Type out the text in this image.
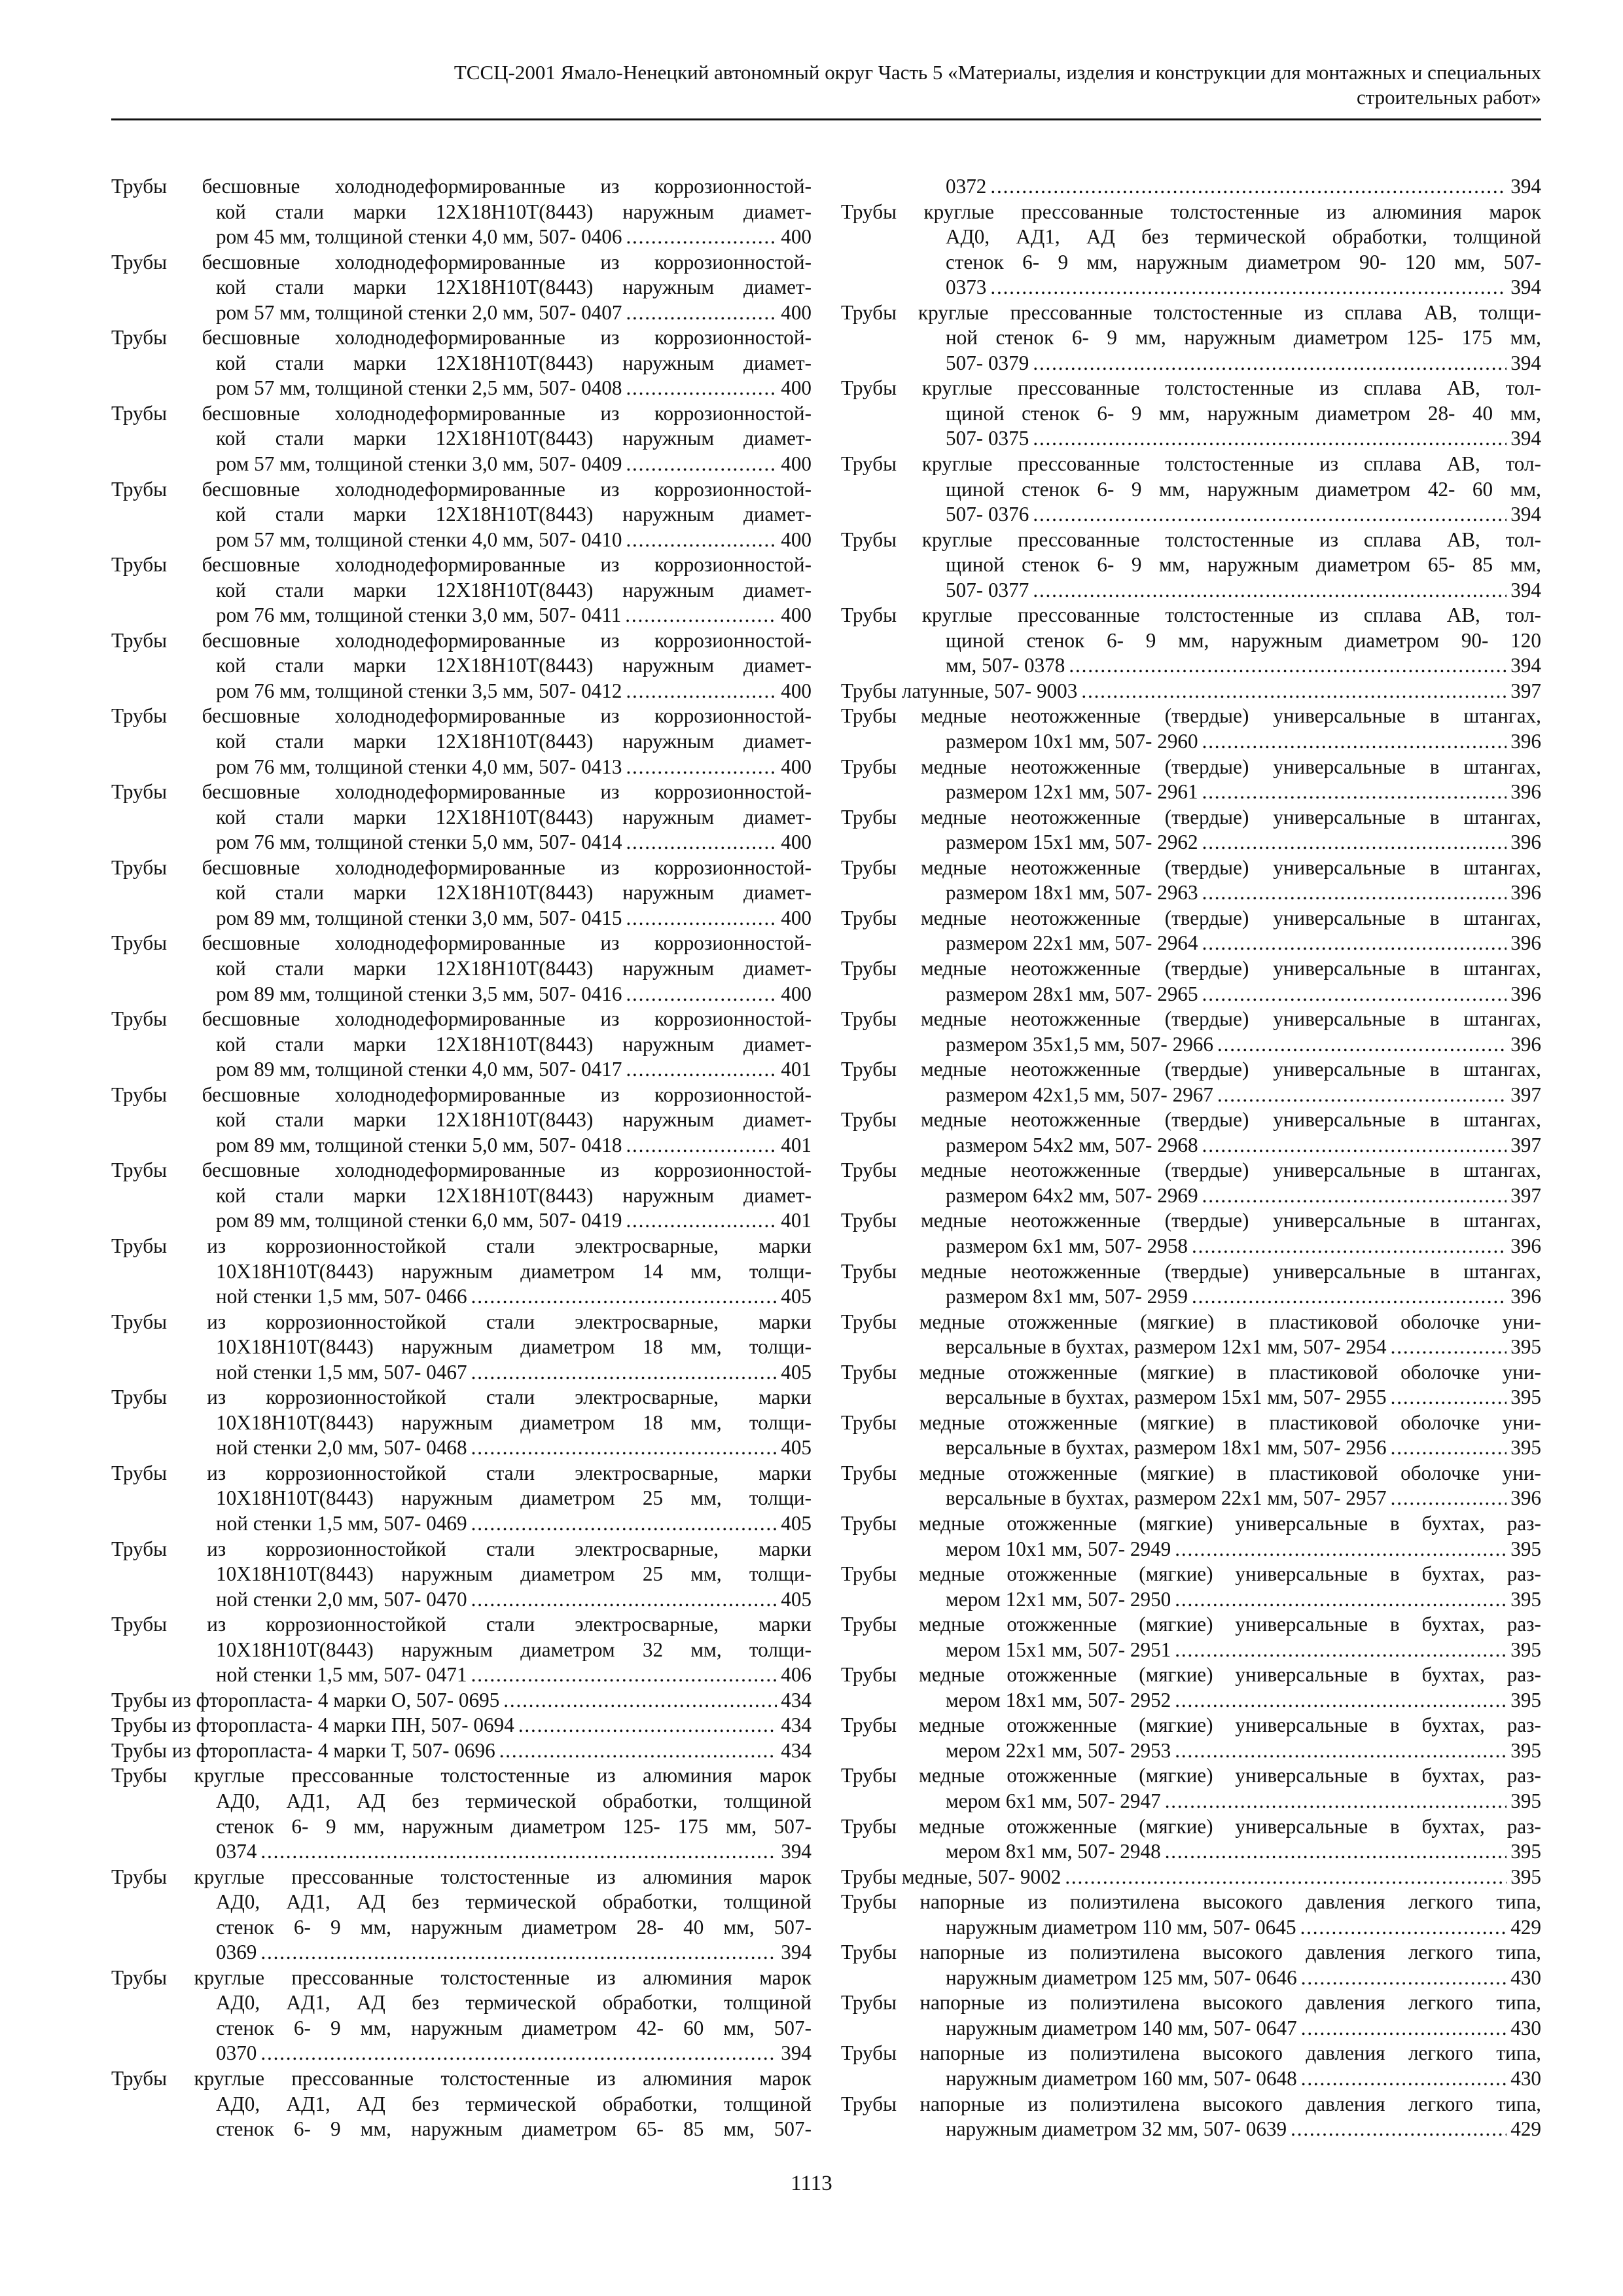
ТССЦ-2001 Ямало-Ненецкий автономный округ Часть 5 «Материалы, изделия и конструкции для монтажных и специальных
строительных работ»
Трубы бесшовные холоднодеформированные из коррозионностой-
кой стали марки 12Х18Н10Т(8443) наружным диамет-
ром 45 мм, толщиной стенки 4,0 мм, 507- 0406 . . .	400
Трубы бесшовные холоднодеформированные из коррозионностой-
кой стали марки 12Х18Н10Т(8443) наружным диамет-
ром 57 мм, толщиной стенки 2,0 мм, 507- 0407 . . .	400
Трубы бесшовные холоднодеформированные из коррозионностой-
кой стали марки 12Х18Н10Т(8443) наружным диамет-
ром 57 мм, толщиной стенки 2,5 мм, 507- 0408 . . .	400
Трубы бесшовные холоднодеформированные из коррозионностой-
кой стали марки 12Х18Н10Т(8443) наружным диамет-
ром 57 мм, толщиной стенки 3,0 мм, 507- 0409 . . .	400
Трубы бесшовные холоднодеформированные из коррозионностой-
кой стали марки 12Х18Н10Т(8443) наружным диамет-
ром 57 мм, толщиной стенки 4,0 мм, 507- 0410 . . .	400
Трубы бесшовные холоднодеформированные из коррозионностой-
кой стали марки 12Х18Н10Т(8443) наружным диамет-
ром 76 мм, толщиной стенки 3,0 мм, 507- 0411 . . .	400
Трубы бесшовные холоднодеформированные из коррозионностой-
кой стали марки 12Х18Н10Т(8443) наружным диамет-
ром 76 мм, толщиной стенки 3,5 мм, 507- 0412 . . .	400
Трубы бесшовные холоднодеформированные из коррозионностой-
кой стали марки 12Х18Н10Т(8443) наружным диамет-
ром 76 мм, толщиной стенки 4,0 мм, 507- 0413 . . .	400
Трубы бесшовные холоднодеформированные из коррозионностой-
кой стали марки 12Х18Н10Т(8443) наружным диамет-
ром 76 мм, толщиной стенки 5,0 мм, 507- 0414 . . .	400
Трубы бесшовные холоднодеформированные из коррозионностой-
кой стали марки 12Х18Н10Т(8443) наружным диамет-
ром 89 мм, толщиной стенки 3,0 мм, 507- 0415 . . .	400
Трубы бесшовные холоднодеформированные из коррозионностой-
кой стали марки 12Х18Н10Т(8443) наружным диамет-
ром 89 мм, толщиной стенки 3,5 мм, 507- 0416 . . .	400
Трубы бесшовные холоднодеформированные из коррозионностой-
кой стали марки 12Х18Н10Т(8443) наружным диамет-
ром 89 мм, толщиной стенки 4,0 мм, 507- 0417 . . .	401
Трубы бесшовные холоднодеформированные из коррозионностой-
кой стали марки 12Х18Н10Т(8443) наружным диамет-
ром 89 мм, толщиной стенки 5,0 мм, 507- 0418 . . .	401
Трубы бесшовные холоднодеформированные из коррозионностой-
кой стали марки 12Х18Н10Т(8443) наружным диамет-
ром 89 мм, толщиной стенки 6,0 мм, 507- 0419 . . .	401
Трубы из коррозионностойкой стали электросварные, марки
10Х18Н10Т(8443) наружным диаметром 14 мм, толщи-
ной стенки 1,5 мм, 507- 0466 . . .	405
Трубы из коррозионностойкой стали электросварные, марки
10Х18Н10Т(8443) наружным диаметром 18 мм, толщи-
ной стенки 1,5 мм, 507- 0467 . . .	405
Трубы из коррозионностойкой стали электросварные, марки
10Х18Н10Т(8443) наружным диаметром 18 мм, толщи-
ной стенки 2,0 мм, 507- 0468 . . .	405
Трубы из коррозионностойкой стали электросварные, марки
10Х18Н10Т(8443) наружным диаметром 25 мм, толщи-
ной стенки 1,5 мм, 507- 0469 . . .	405
Трубы из коррозионностойкой стали электросварные, марки
10Х18Н10Т(8443) наружным диаметром 25 мм, толщи-
ной стенки 2,0 мм, 507- 0470 . . .	405
Трубы из коррозионностойкой стали электросварные, марки
10Х18Н10Т(8443) наружным диаметром 32 мм, толщи-
ной стенки 1,5 мм, 507- 0471 . . .	406
Трубы из фторопласта- 4 марки О, 507- 0695 . . .	434
Трубы из фторопласта- 4 марки ПН, 507- 0694 . . .	434
Трубы из фторопласта- 4 марки Т, 507- 0696 . . .	434
Трубы круглые прессованные толстостенные из алюминия марок
АД0, АД1, АД без термической обработки, толщиной
стенок 6- 9 мм, наружным диаметром 125- 175 мм, 507-
0374 . . .	394
Трубы круглые прессованные толстостенные из алюминия марок
АД0, АД1, АД без термической обработки, толщиной
стенок 6- 9 мм, наружным диаметром 28- 40 мм, 507-
0369 . . .	394
Трубы круглые прессованные толстостенные из алюминия марок
АД0, АД1, АД без термической обработки, толщиной
стенок 6- 9 мм, наружным диаметром 42- 60 мм, 507-
0370 . . .	394
Трубы круглые прессованные толстостенные из алюминия марок
АД0, АД1, АД без термической обработки, толщиной
стенок 6- 9 мм, наружным диаметром 65- 85 мм, 507-
0372 . . .	394
Трубы круглые прессованные толстостенные из алюминия марок
АД0, АД1, АД без термической обработки, толщиной
стенок 6- 9 мм, наружным диаметром 90- 120 мм, 507-
0373 . . .	394
Трубы круглые прессованные толстостенные из сплава АВ, толщи-
ной стенок 6- 9 мм, наружным диаметром 125- 175 мм,
507- 0379 . . .	394
Трубы круглые прессованные толстостенные из сплава АВ, тол-
щиной стенок 6- 9 мм, наружным диаметром 28- 40 мм,
507- 0375 . . .	394
Трубы круглые прессованные толстостенные из сплава АВ, тол-
щиной стенок 6- 9 мм, наружным диаметром 42- 60 мм,
507- 0376 . . .	394
Трубы круглые прессованные толстостенные из сплава АВ, тол-
щиной стенок 6- 9 мм, наружным диаметром 65- 85 мм,
507- 0377 . . .	394
Трубы круглые прессованные толстостенные из сплава АВ, тол-
щиной стенок 6- 9 мм, наружным диаметром 90- 120
мм, 507- 0378 . . .	394
Трубы латунные, 507- 9003 . . .	397
Трубы медные неотожженные (твердые) универсальные в штангах,
размером 10х1 мм, 507- 2960 . . .	396
Трубы медные неотожженные (твердые) универсальные в штангах,
размером 12х1 мм, 507- 2961 . . .	396
Трубы медные неотожженные (твердые) универсальные в штангах,
размером 15х1 мм, 507- 2962 . . .	396
Трубы медные неотожженные (твердые) универсальные в штангах,
размером 18х1 мм, 507- 2963 . . .	396
Трубы медные неотожженные (твердые) универсальные в штангах,
размером 22х1 мм, 507- 2964 . . .	396
Трубы медные неотожженные (твердые) универсальные в штангах,
размером 28х1 мм, 507- 2965 . . .	396
Трубы медные неотожженные (твердые) универсальные в штангах,
размером 35х1,5 мм, 507- 2966 . . .	396
Трубы медные неотожженные (твердые) универсальные в штангах,
размером 42х1,5 мм, 507- 2967 . . .	397
Трубы медные неотожженные (твердые) универсальные в штангах,
размером 54х2 мм, 507- 2968 . . .	397
Трубы медные неотожженные (твердые) универсальные в штангах,
размером 64х2 мм, 507- 2969 . . .	397
Трубы медные неотожженные (твердые) универсальные в штангах,
размером 6х1 мм, 507- 2958 . . .	396
Трубы медные неотожженные (твердые) универсальные в штангах,
размером 8х1 мм, 507- 2959 . . .	396
Трубы медные отожженные (мягкие) в пластиковой оболочке уни-
версальные в бухтах, размером 12х1 мм, 507- 2954 . . .	395
Трубы медные отожженные (мягкие) в пластиковой оболочке уни-
версальные в бухтах, размером 15х1 мм, 507- 2955 . . .	395
Трубы медные отожженные (мягкие) в пластиковой оболочке уни-
версальные в бухтах, размером 18х1 мм, 507- 2956 . . .	395
Трубы медные отожженные (мягкие) в пластиковой оболочке уни-
версальные в бухтах, размером 22х1 мм, 507- 2957 . . .	396
Трубы медные отожженные (мягкие) универсальные в бухтах, раз-
мером 10х1 мм, 507- 2949 . . .	395
Трубы медные отожженные (мягкие) универсальные в бухтах, раз-
мером 12х1 мм, 507- 2950 . . .	395
Трубы медные отожженные (мягкие) универсальные в бухтах, раз-
мером 15х1 мм, 507- 2951 . . .	395
Трубы медные отожженные (мягкие) универсальные в бухтах, раз-
мером 18х1 мм, 507- 2952 . . .	395
Трубы медные отожженные (мягкие) универсальные в бухтах, раз-
мером 22х1 мм, 507- 2953 . . .	395
Трубы медные отожженные (мягкие) универсальные в бухтах, раз-
мером 6х1 мм, 507- 2947 . . .	395
Трубы медные отожженные (мягкие) универсальные в бухтах, раз-
мером 8х1 мм, 507- 2948 . . .	395
Трубы медные, 507- 9002 . . .	395
Трубы напорные из полиэтилена высокого давления легкого типа,
наружным диаметром 110 мм, 507- 0645 . . .	429
Трубы напорные из полиэтилена высокого давления легкого типа,
наружным диаметром 125 мм, 507- 0646 . . .	430
Трубы напорные из полиэтилена высокого давления легкого типа,
наружным диаметром 140 мм, 507- 0647 . . .	430
Трубы напорные из полиэтилена высокого давления легкого типа,
наружным диаметром 160 мм, 507- 0648 . . .	430
Трубы напорные из полиэтилена высокого давления легкого типа,
наружным диаметром 32 мм, 507- 0639 . . .	429
1113
